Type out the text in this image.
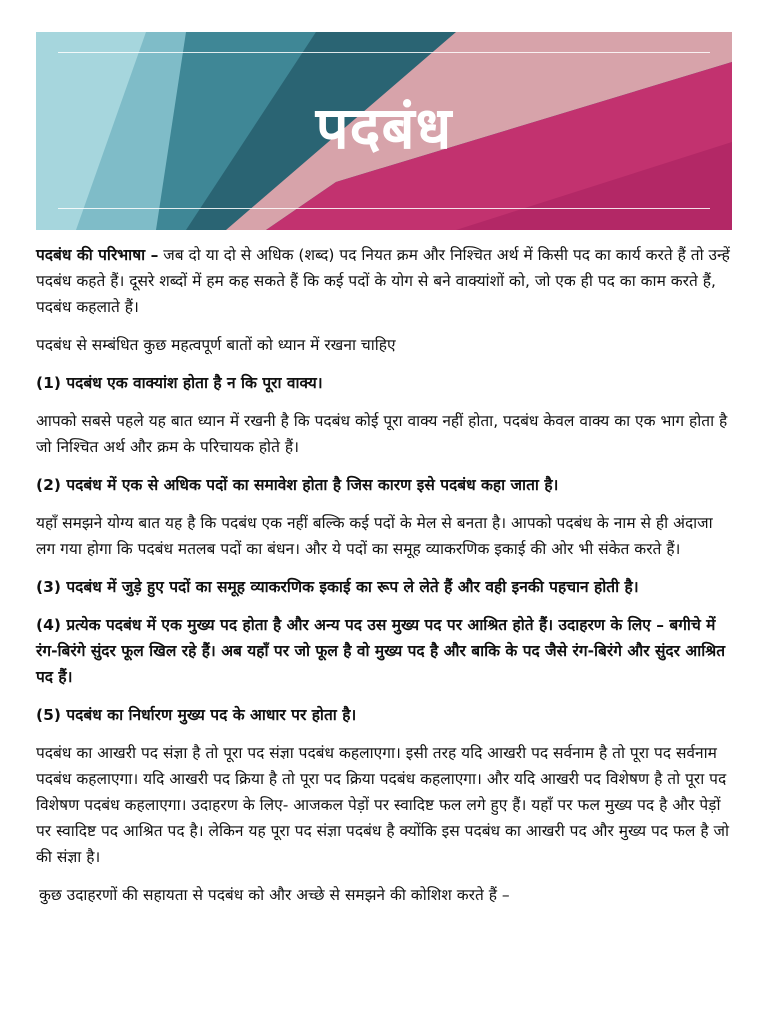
पदबंध

पदबंध की परिभाषा – जब दो या दो से अधिक (शब्द) पद नियत क्रम और निश्चित अर्थ में किसी पद का कार्य करते हैं तो उन्हें पदबंध कहते हैं। दूसरे शब्दों में हम कह सकते हैं कि कई पदों के योग से बने वाक्यांशों को, जो एक ही पद का काम करते हैं, पदबंध कहलाते हैं।

पदबंध से सम्बंधित कुछ महत्वपूर्ण बातों को ध्यान में रखना चाहिए

(1) पदबंध एक वाक्यांश होता है न कि पूरा वाक्य।

आपको सबसे पहले यह बात ध्यान में रखनी है कि पदबंध कोई पूरा वाक्य नहीं होता, पदबंध केवल वाक्य का एक भाग होता है जो निश्चित अर्थ और क्रम के परिचायक होते हैं।

(2) पदबंध में एक से अधिक पदों का समावेश होता है जिस कारण इसे पदबंध कहा जाता है।

यहाँ समझने योग्य बात यह है कि पदबंध एक नहीं बल्कि कई पदों के मेल से बनता है। आपको पदबंध के नाम से ही अंदाजा लग गया होगा कि पदबंध मतलब पदों का बंधन। और ये पदों का समूह व्याकरणिक इकाई की ओर भी संकेत करते हैं।

(3) पदबंध में जुड़े हुए पदों का समूह व्याकरणिक इकाई का रूप ले लेते हैं और वही इनकी पहचान होती है।

(4) प्रत्येक पदबंध में एक मुख्य पद होता है और अन्य पद उस मुख्य पद पर आश्रित होते हैं। उदाहरण के लिए – बगीचे में रंग-बिरंगे सुंदर फूल खिल रहे हैं। अब यहाँ पर जो फूल है वो मुख्य पद है और बाकि के पद जैसे रंग-बिरंगे और सुंदर आश्रित पद हैं।

(5) पदबंध का निर्धारण मुख्य पद के आधार पर होता है।

पदबंध का आखरी पद संज्ञा है तो पूरा पद संज्ञा पदबंध कहलाएगा। इसी तरह यदि आखरी पद सर्वनाम है तो पूरा पद सर्वनाम पदबंध कहलाएगा। यदि आखरी पद क्रिया है तो पूरा पद क्रिया पदबंध कहलाएगा। और यदि आखरी पद विशेषण है तो पूरा पद विशेषण पदबंध कहलाएगा। उदाहरण के लिए- आजकल पेड़ों पर स्वादिष्ट फल लगे हुए हैं। यहाँ पर फल मुख्य पद है और पेड़ों पर स्वादिष्ट पद आश्रित पद है। लेकिन यह पूरा पद संज्ञा पदबंध है क्योंकि इस पदबंध का आखरी पद और मुख्य पद फल है जो की संज्ञा है।

कुछ उदाहरणों की सहायता से पदबंध को और अच्छे से समझने की कोशिश करते हैं –
